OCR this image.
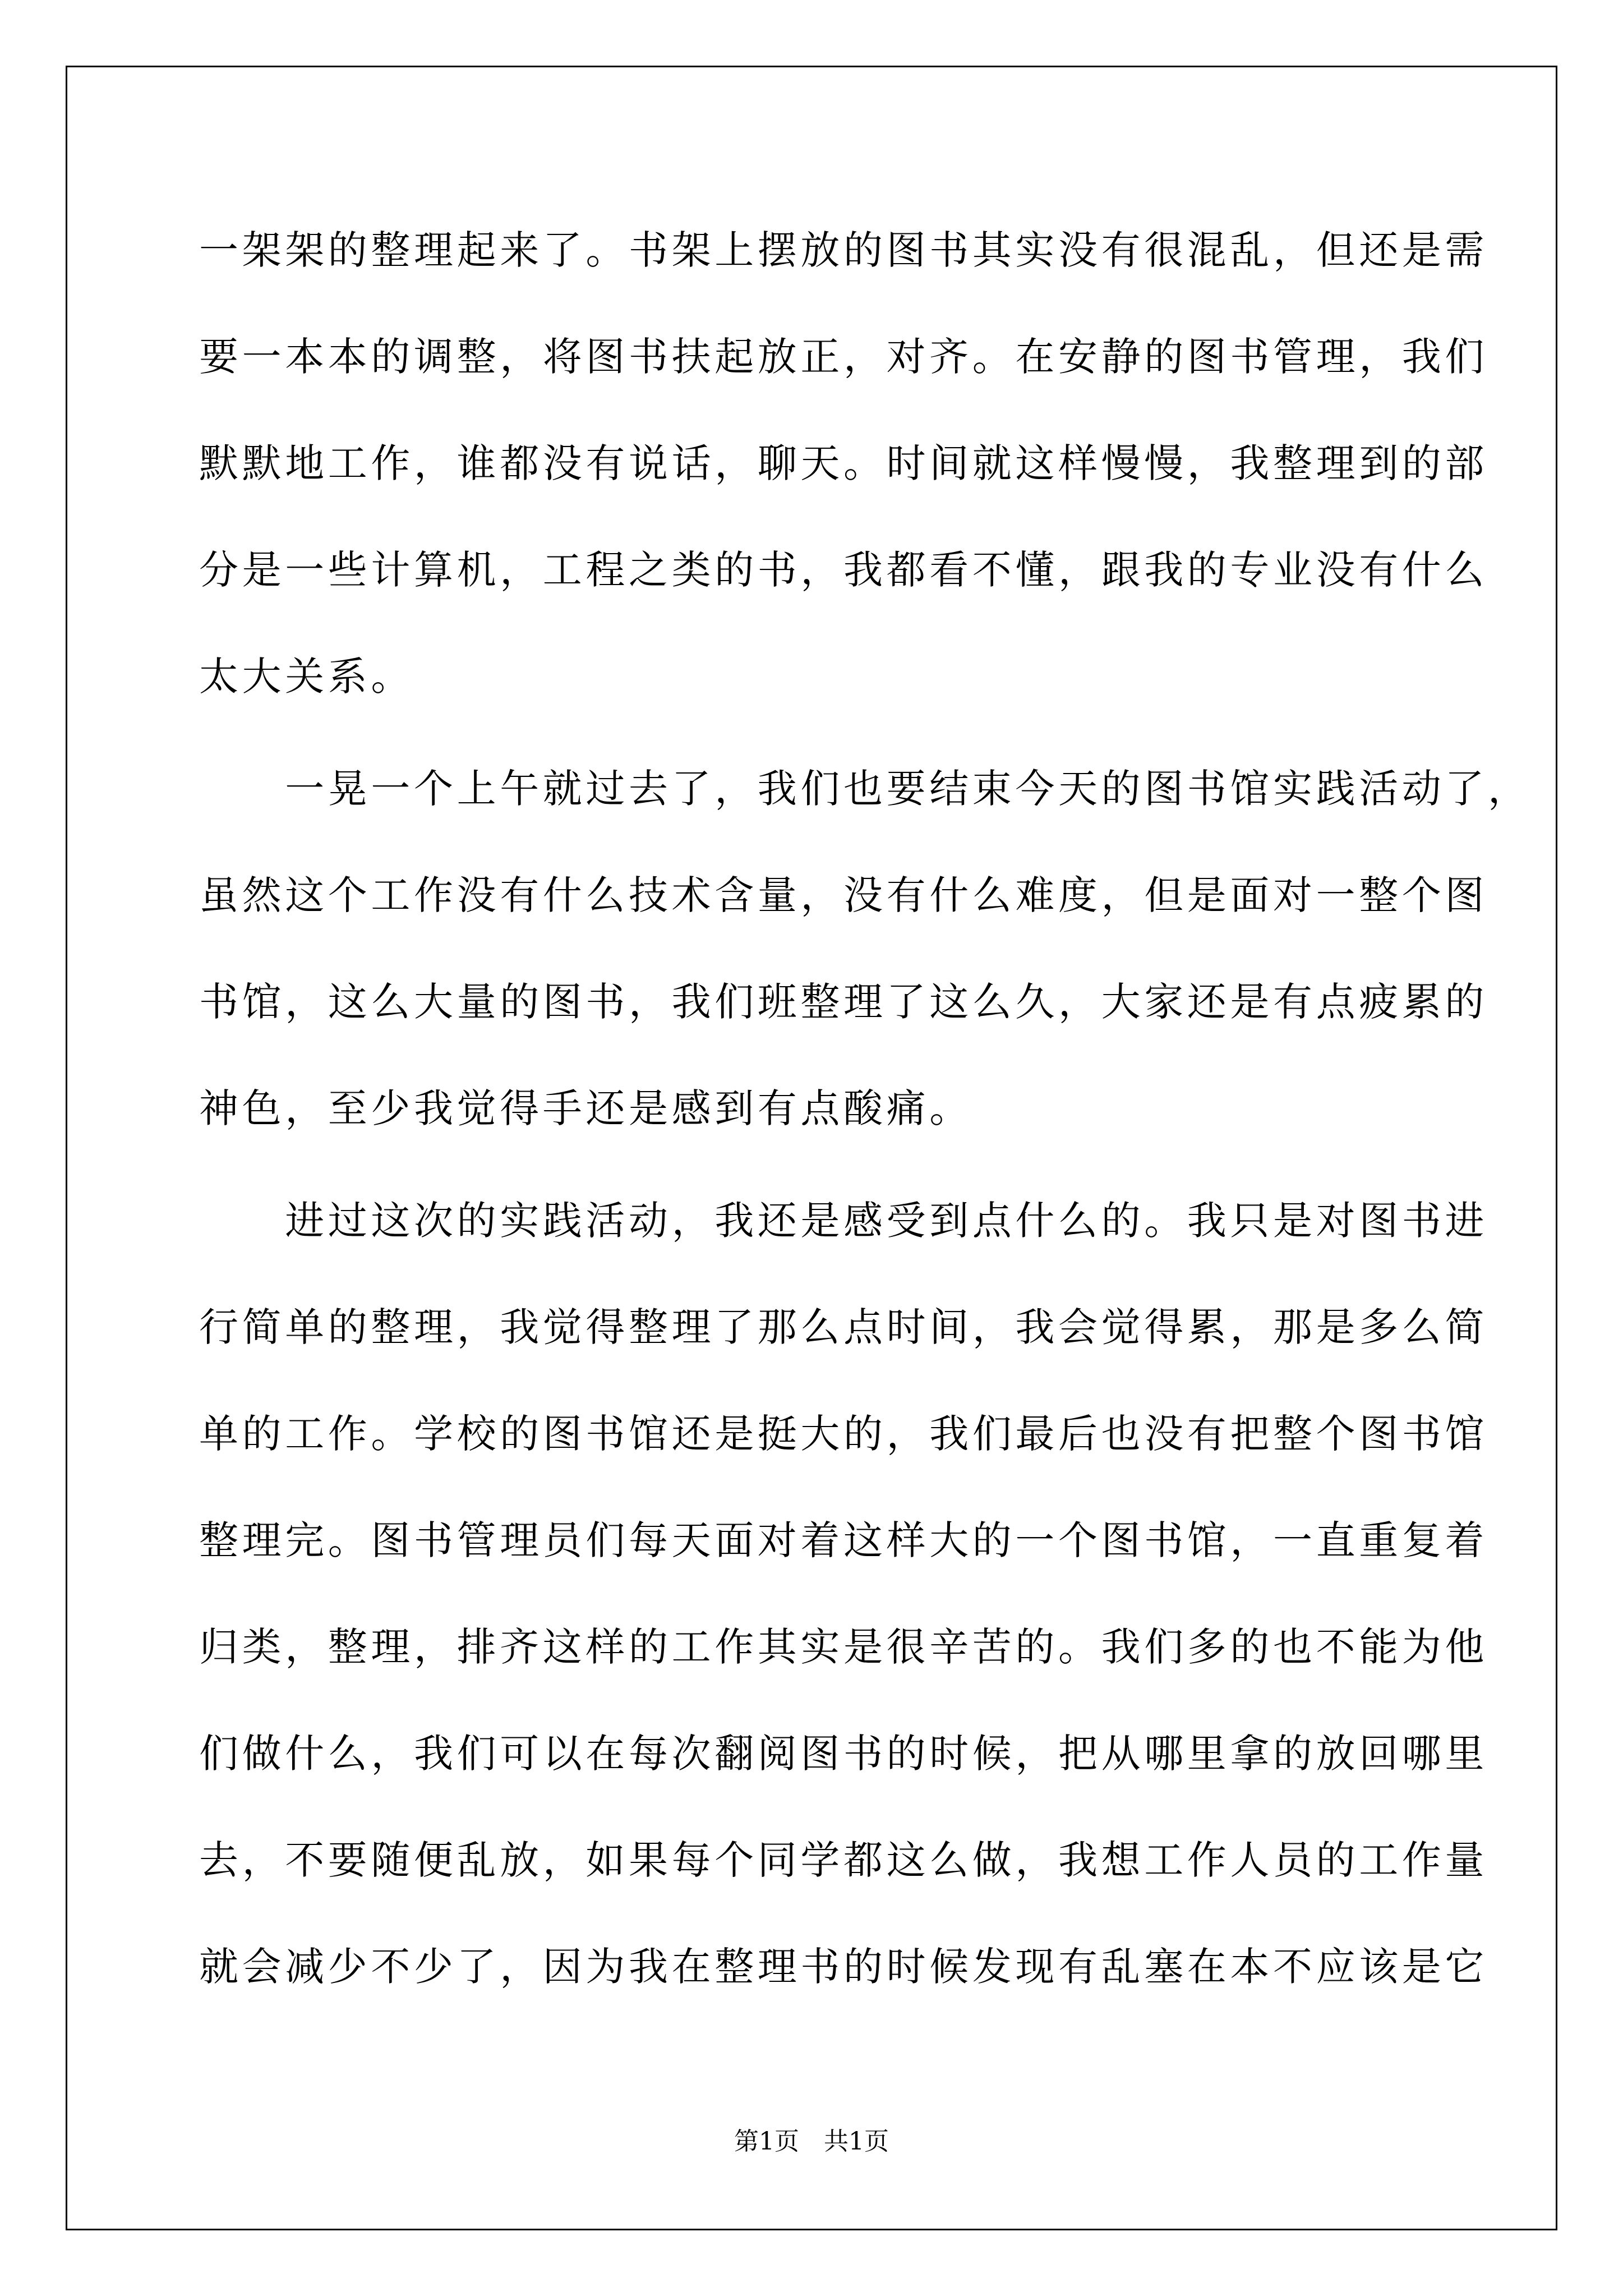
一架架的整理起来了。书架上摆放的图书其实没有很混乱，但还是需
要一本本的调整，将图书扶起放正，对齐。在安静的图书管理，我们
默默地工作，谁都没有说话，聊天。时间就这样慢慢，我整理到的部
分是一些计算机，工程之类的书，我都看不懂，跟我的专业没有什么
太大关系。
　　一晃一个上午就过去了，我们也要结束今天的图书馆实践活动了，
虽然这个工作没有什么技术含量，没有什么难度，但是面对一整个图
书馆，这么大量的图书，我们班整理了这么久，大家还是有点疲累的
神色，至少我觉得手还是感到有点酸痛。
　　进过这次的实践活动，我还是感受到点什么的。我只是对图书进
行简单的整理，我觉得整理了那么点时间，我会觉得累，那是多么简
单的工作。学校的图书馆还是挺大的，我们最后也没有把整个图书馆
整理完。图书管理员们每天面对着这样大的一个图书馆，一直重复着
归类，整理，排齐这样的工作其实是很辛苦的。我们多的也不能为他
们做什么，我们可以在每次翻阅图书的时候，把从哪里拿的放回哪里
去，不要随便乱放，如果每个同学都这么做，我想工作人员的工作量
就会减少不少了，因为我在整理书的时候发现有乱塞在本不应该是它
第1页　共1页
